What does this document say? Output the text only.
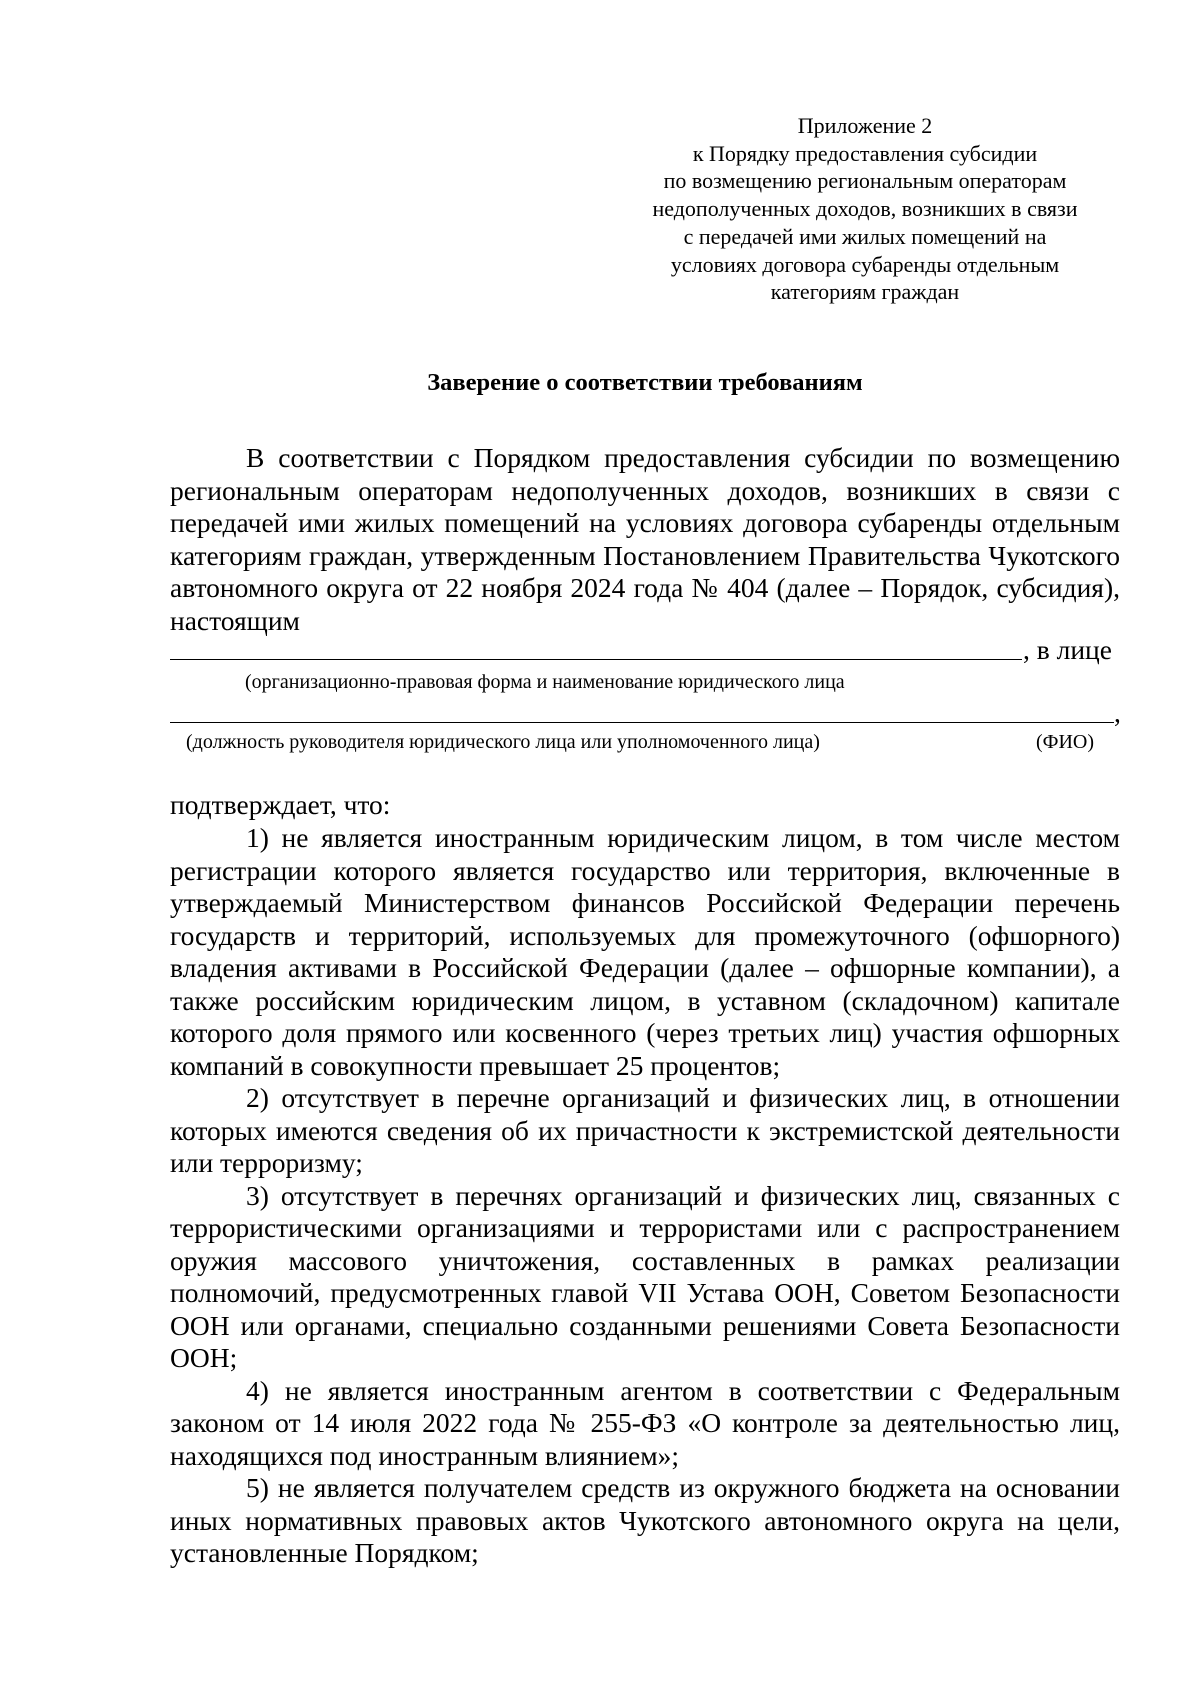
Приложение 2
к Порядку предоставления субсидии
по возмещению региональным операторам
недополученных доходов, возникших в связи
с передачей ими жилых помещений на
условиях договора субаренды отдельным
категориям граждан
Заверение о соответствии требованиям

В соответствии с Порядком предоставления субсидии по возмещению региональным операторам недополученных доходов, возникших в связи с передачей ими жилых помещений на условиях договора субаренды отдельным категориям граждан, утвержденным Постановлением Правительства Чукотского автономного округа от 22 ноября 2024 года № 404 (далее – Порядок, субсидия), настоящим

, в лице
(организационно-правовая форма и наименование юридического лица
,
(должность руководителя юридического лица или уполномоченного лица)	(ФИО)
подтверждает, что:

1) не является иностранным юридическим лицом, в том числе местом регистрации которого является государство или территория, включенные в утверждаемый Министерством финансов Российской Федерации перечень государств и территорий, используемых для промежуточного (офшорного) владения активами в Российской Федерации (далее – офшорные компании), а также российским юридическим лицом, в уставном (складочном) капитале которого доля прямого или косвенного (через третьих лиц) участия офшорных компаний в совокупности превышает 25 процентов;

2) отсутствует в перечне организаций и физических лиц, в отношении которых имеются сведения об их причастности к экстремистской деятельности или терроризму;

3) отсутствует в перечнях организаций и физических лиц, связанных с террористическими организациями и террористами или с распространением оружия массового уничтожения, составленных в рамках реализации полномочий, предусмотренных главой VII Устава ООН, Советом Безопасности ООН или органами, специально созданными решениями Совета Безопасности ООН;

4) не является иностранным агентом в соответствии с Федеральным законом от 14 июля 2022 года № 255-ФЗ «О контроле за деятельностью лиц, находящихся под иностранным влиянием»;

5) не является получателем средств из окружного бюджета на основании иных нормативных правовых актов Чукотского автономного округа на цели, установленные Порядком;
